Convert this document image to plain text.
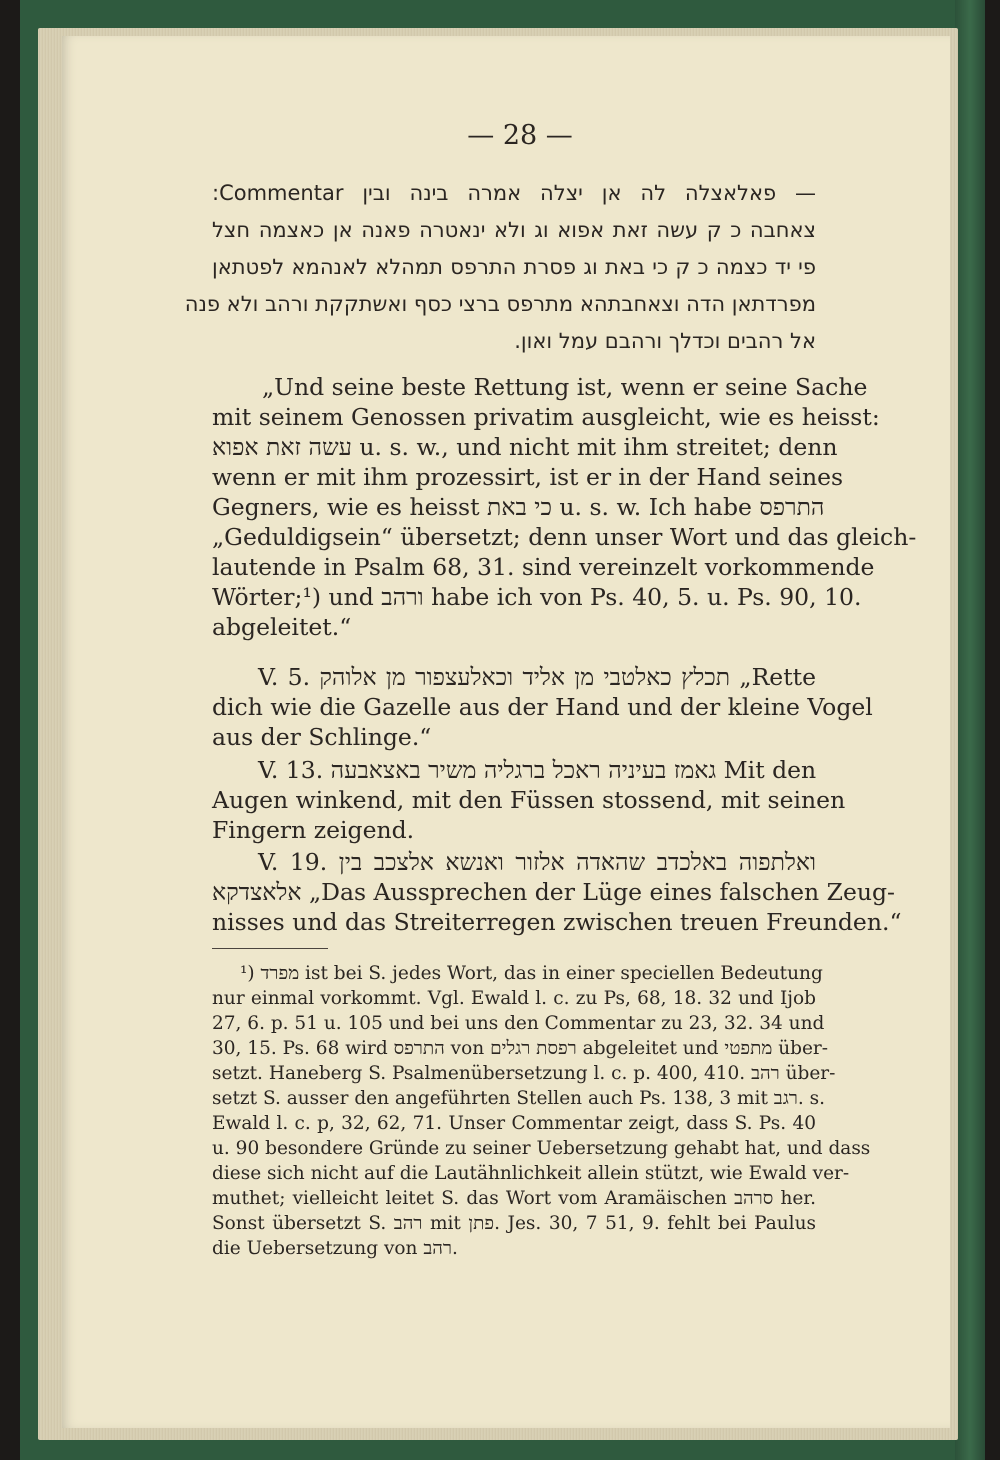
— 28 —
— פאלאצלה לה אן יצלה אמרה בינה ובין Commentar:
צאחבה כ ק עשה זאת אפוא וג ולא ינאטרה פאנה אן כאצמה חצל
פי יד כצמה כ ק כי באת וג פסרת התרפס תמהלא לאנהמא לפטתאן
מפרדתאן הדה וצאחבתהא מתרפס ברצי כסף ואשתקקת ורהב ולא פנה
אל רהבים וכדלך ורהבם עמל ואון.
„Und seine beste Rettung ist, wenn er seine Sache
mit seinem Genossen privatim ausgleicht, wie es heisst:
עשה זאת אפוא u. s. w., und nicht mit ihm streitet; denn
wenn er mit ihm prozessirt, ist er in der Hand seines
Gegners, wie es heisst כי באת u. s. w. Ich habe התרפס
„Geduldigsein“ übersetzt; denn unser Wort und das gleich-
lautende in Psalm 68, 31. sind vereinzelt vorkommende
Wörter;¹) und ורהב habe ich von Ps. 40, 5. u. Ps. 90, 10.
abgeleitet.“
V. 5. תכלץ כאלטבי מן אליד וכאלעצפור מן אלוהק „Rette
dich wie die Gazelle aus der Hand und der kleine Vogel
aus der Schlinge.“
V. 13. גאמז בעיניה ראכל ברגליה משיר באצאבעה Mit den
Augen winkend, mit den Füssen stossend, mit seinen
Fingern zeigend.
V. 19. ואלתפוה באלכדב שהאדה אלזור ואנשא אלצכב בין
אלאצדקא „Das Aussprechen der Lüge eines falschen Zeug-
nisses und das Streiterregen zwischen treuen Freunden.“
¹) מפרד ist bei S. jedes Wort, das in einer speciellen Bedeutung
nur einmal vorkommt. Vgl. Ewald l. c. zu Ps, 68, 18. 32 und Ijob
27, 6. p. 51 u. 105 und bei uns den Commentar zu 23, 32. 34 und
30, 15. Ps. 68 wird התרפס von רפסת רגלים abgeleitet und מתפטי über-
setzt. Haneberg S. Psalmenübersetzung l. c. p. 400, 410. רהב über-
setzt S. ausser den angeführten Stellen auch Ps. 138, 3 mit רגב. s.
Ewald l. c. p, 32, 62, 71. Unser Commentar zeigt, dass S. Ps. 40
u. 90 besondere Gründe zu seiner Uebersetzung gehabt hat, und dass
diese sich nicht auf die Lautähnlichkeit allein stützt, wie Ewald ver-
muthet; vielleicht leitet S. das Wort vom Aramäischen סרהב her.
Sonst übersetzt S. רהב mit פתן. Jes. 30, 7 51, 9. fehlt bei Paulus
die Uebersetzung von רהב.
